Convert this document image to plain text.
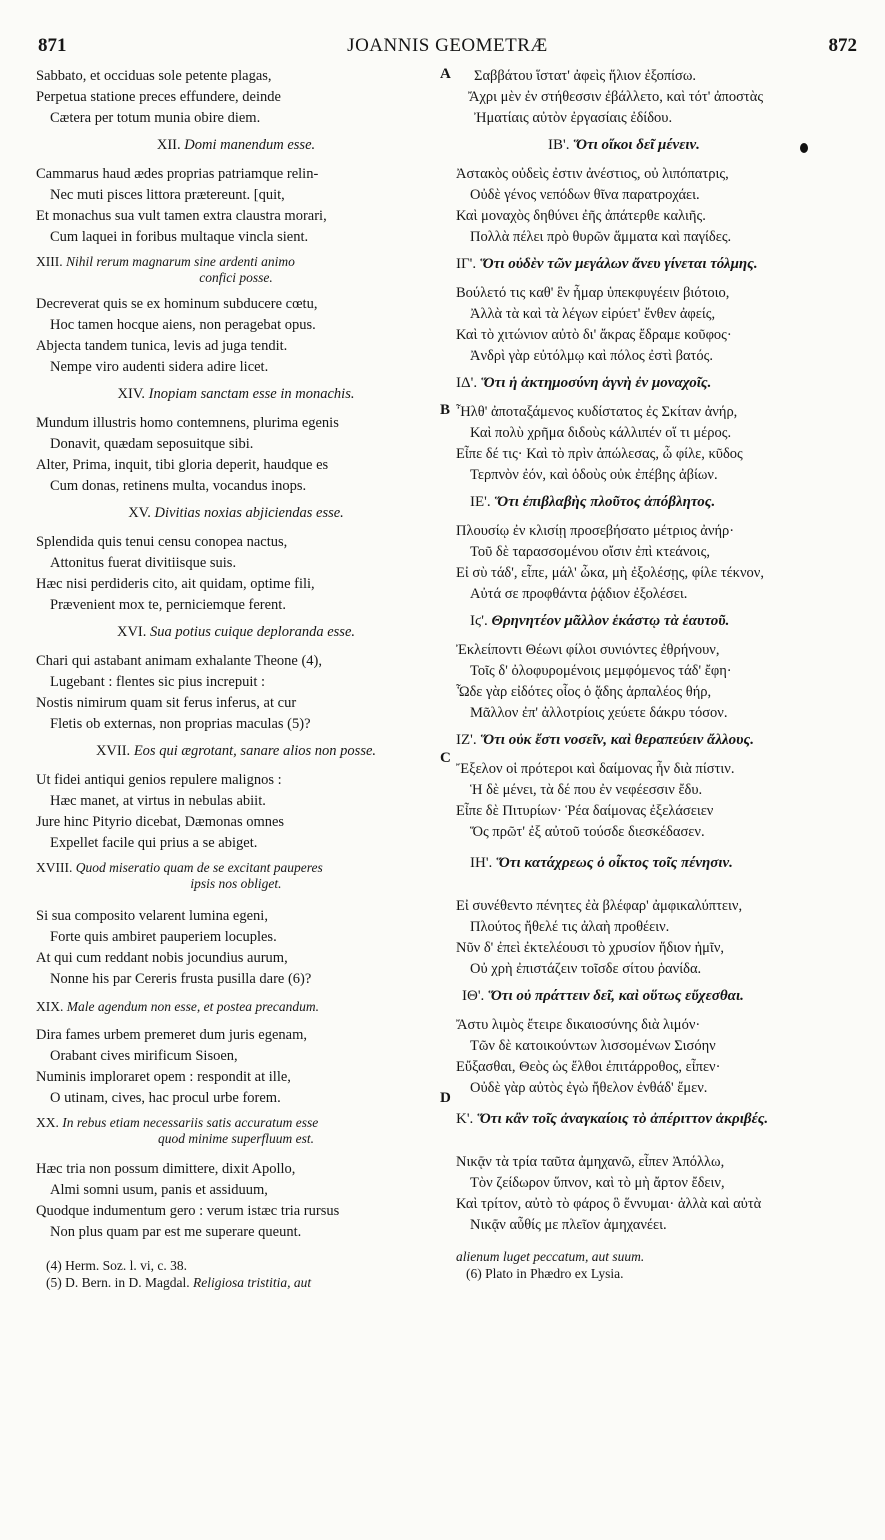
871	JOANNIS GEOMETRÆ	872
A
B
C
D
Sabbato, et occiduas sole petente plagas,
Perpetua statione preces effundere, deinde
Cætera per totum munia obire diem.
XII. Domi manendum esse.
Cammarus haud ædes proprias patriamque relin-
Nec muti pisces littora prætereunt. [quit,
Et monachus sua vult tamen extra claustra morari,
Cum laquei in foribus multaque vincla sient.
XIII. Nihil rerum magnarum sine ardenti animo
confici posse.
Decreverat quis se ex hominum subducere cœtu,
Hoc tamen hocque aiens, non peragebat opus.
Abjecta tandem tunica, levis ad juga tendit.
Nempe viro audenti sidera adire licet.
XIV. Inopiam sanctam esse in monachis.
Mundum illustris homo contemnens, plurima egenis
Donavit, quædam seposuitque sibi.
Alter, Prima, inquit, tibi gloria deperit, haudque es
Cum donas, retinens multa, vocandus inops.
XV. Divitias noxias abjiciendas esse.
Splendida quis tenui censu conopea nactus,
Attonitus fuerat divitiisque suis.
Hæc nisi perdideris cito, ait quidam, optime fili,
Prævenient mox te, perniciemque ferent.
XVI. Sua potius cuique deploranda esse.
Chari qui astabant animam exhalante Theone (4),
Lugebant : flentes sic pius increpuit :
Nostis nimirum quam sit ferus inferus, at cur
Fletis ob externas, non proprias maculas (5)?
XVII. Eos qui ægrotant, sanare alios non posse.
Ut fidei antiqui genios repulere malignos :
Hæc manet, at virtus in nebulas abiit.
Jure hinc Pityrio dicebat, Dæmonas omnes
Expellet facile qui prius a se abiget.
XVIII. Quod miseratio quam de se excitant pauperes
ipsis nos obliget.
Si sua composito velarent lumina egeni,
Forte quis ambiret pauperiem locuples.
At qui cum reddant nobis jocundius aurum,
Nonne his par Cereris frusta pusilla dare (6)?
XIX. Male agendum non esse, et postea precandum.
Dira fames urbem premeret dum juris egenam,
Orabant cives mirificum Sisoen,
Numinis imploraret opem : respondit at ille,
O utinam, cives, hac procul urbe forem.
XX. In rebus etiam necessariis satis accuratum esse
quod minime superfluum est.
Hæc tria non possum dimittere, dixit Apollo,
Almi somni usum, panis et assiduum,
Quodque indumentum gero : verum istæc tria rursus
Non plus quam par est me superare queunt.
(4) Herm. Soz. l. vi, c. 38.
(5) D. Bern. in D. Magdal. Religiosa tristitia, aut
Σαββάτου ἵστατ' ἀφεὶς ἥλιον ἐξοπίσω.
Ἄχρι μὲν ἐν στήθεσσιν ἐβάλλετο, καὶ τότ' ἀποστὰς
Ἠματίαις αὐτὸν ἐργασίαις ἐδίδου.
ΙΒ'. Ὅτι οἴκοι δεῖ μένειν.
Ἀστακὸς οὐδεὶς ἐστιν ἀνέστιος, οὐ λιπόπατρις,
Οὐδὲ γένος νεπόδων θῖνα παρατροχάει.
Καὶ μοναχὸς δηθύνει ἐῆς ἀπάτερθε καλιῆς.
Πολλὰ πέλει πρὸ θυρῶν ἅμματα καὶ παγίδες.
ΙΓ'. Ὅτι οὐδὲν τῶν μεγάλων ἄνευ γίνεται τόλμης.
Βούλετό τις καθ' ἓν ἦμαρ ὑπεκφυγέειν βιότοιο,
Ἀλλὰ τὰ καὶ τὰ λέγων εἰρύετ' ἔνθεν ἀφείς,
Καὶ τὸ χιτώνιον αὐτὸ δι' ἄκρας ἔδραμε κοῦφος·
Ἀνδρὶ γὰρ εὐτόλμῳ καὶ πόλος ἐστὶ βατός.
ΙΔ'. Ὅτι ἡ ἀκτημοσύνη ἁγνὴ ἐν μοναχοῖς.
Ἦλθ' ἀποταξάμενος κυδίστατος ἐς Σκίταν ἀνήρ,
Καὶ πολὺ χρῆμα διδοὺς κάλλιπέν οἵ τι μέρος.
Εἶπε δέ τις· Καὶ τὸ πρὶν ἀπώλεσας, ὦ φίλε, κῦδος
Τερπνὸν ἐόν, καὶ ὁδοὺς οὐκ ἐπέβης ἀβίων.
ΙΕ'. Ὅτι ἐπιβλαβὴς πλοῦτος ἀπόβλητος.
Πλουσίῳ ἐν κλισίῃ προσεβήσατο μέτριος ἀνήρ·
Τοῦ δὲ ταρασσομένου οἴσιν ἐπὶ κτεάνοις,
Εἰ σὺ τάδ', εἶπε, μάλ' ὦκα, μὴ ἐξολέσῃς, φίλε τέκνον,
Αὐτά σε προφθάντα ῥᾴδιον ἐξολέσει.
Ιϛ'. Θρηνητέον μᾶλλον ἑκάστῳ τὰ ἑαυτοῦ.
Ἐκλείποντι Θέωνι φίλοι συνιόντες ἐθρήνουν,
Τοῖς δ' ὀλοφυρομένοις μεμφόμενος τάδ' ἔφη·
Ὧδε γὰρ εἰδότες οἷος ὁ ᾅδης ἁρπαλέος θήρ,
Μᾶλλον ἐπ' ἀλλοτρίοις χεύετε δάκρυ τόσον.
ΙΖ'. Ὅτι οὐκ ἔστι νοσεῖν, καὶ θεραπεύειν ἄλλους.
Ἔξελον οἱ πρότεροι καὶ δαίμονας ἦν διὰ πίστιν.
Ἡ δὲ μένει, τὰ δέ που ἐν νεφέεσσιν ἔδυ.
Εἶπε δὲ Πιτυρίων· Ῥέα δαίμονας ἐξελάσειεν
Ὅς πρῶτ' ἐξ αὐτοῦ τούσδε διεσκέδασεν.
ΙΗ'. Ὅτι κατάχρεως ὁ οἶκτος τοῖς πένησιν.
Εἰ συνέθεντο πένητες ἐὰ βλέφαρ' ἀμφικαλύπτειν,
Πλούτος ἤθελέ τις ἀλαὴ προθέειν.
Νῦν δ' ἐπεὶ ἐκτελέουσι τὸ χρυσίον ἥδιον ἡμῖν,
Οὐ χρὴ ἐπιστάζειν τοῖσδε σίτου ῥανίδα.
ΙΘ'. Ὅτι οὐ πράττειν δεῖ, καὶ οὕτως εὔχεσθαι.
Ἄστυ λιμὸς ἔτειρε δικαιοσύνης διὰ λιμόν·
Τῶν δὲ κατοικούντων λισσομένων Σισόην
Εὔξασθαι, Θεὸς ὡς ἔλθοι ἐπιτάρροθος, εἶπεν·
Οὐδὲ γὰρ αὐτὸς ἐγὼ ἤθελον ἐνθάδ' ἔμεν.
Κ'. Ὅτι κἂν τοῖς ἀναγκαίοις τὸ ἀπέριττον ἀκριβές.
Νικᾷν τὰ τρία ταῦτα ἀμηχανῶ, εἶπεν Ἀπόλλω,
Τὸν ζείδωρον ὕπνον, καὶ τὸ μὴ ἄρτον ἔδειν,
Καὶ τρίτον, αὐτὸ τὸ φάρος ὃ ἕννυμαι· ἀλλὰ καὶ αὐτὰ
Νικᾷν αὖθίς με πλεῖον ἀμηχανέει.
alienum luget peccatum, aut suum.
(6) Plato in Phædro ex Lysia.
